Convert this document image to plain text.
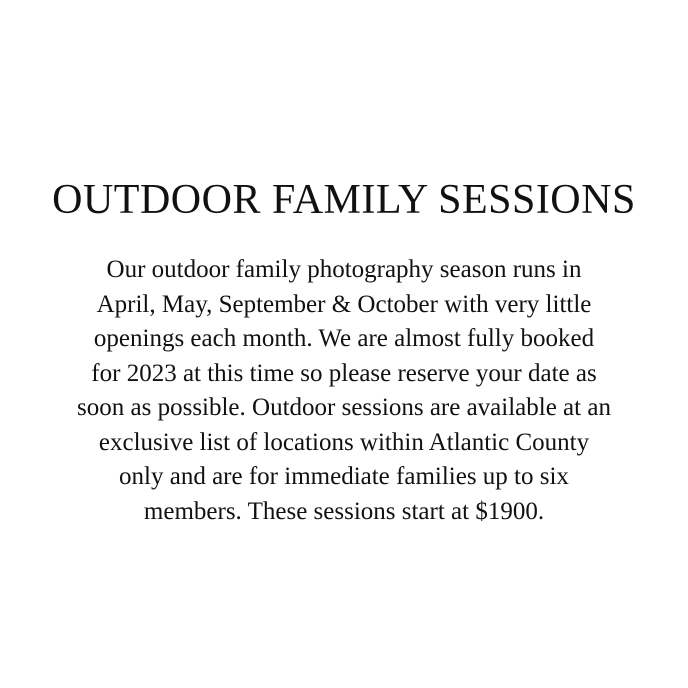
OUTDOOR FAMILY SESSIONS
Our outdoor family photography season runs in
April, May, September & October with very little
openings each month. We are almost fully booked
for 2023 at this time so please reserve your date as
soon as possible. Outdoor sessions are available at an
exclusive list of locations within Atlantic County
only and are for immediate families up to six
members. These sessions start at $1900.
